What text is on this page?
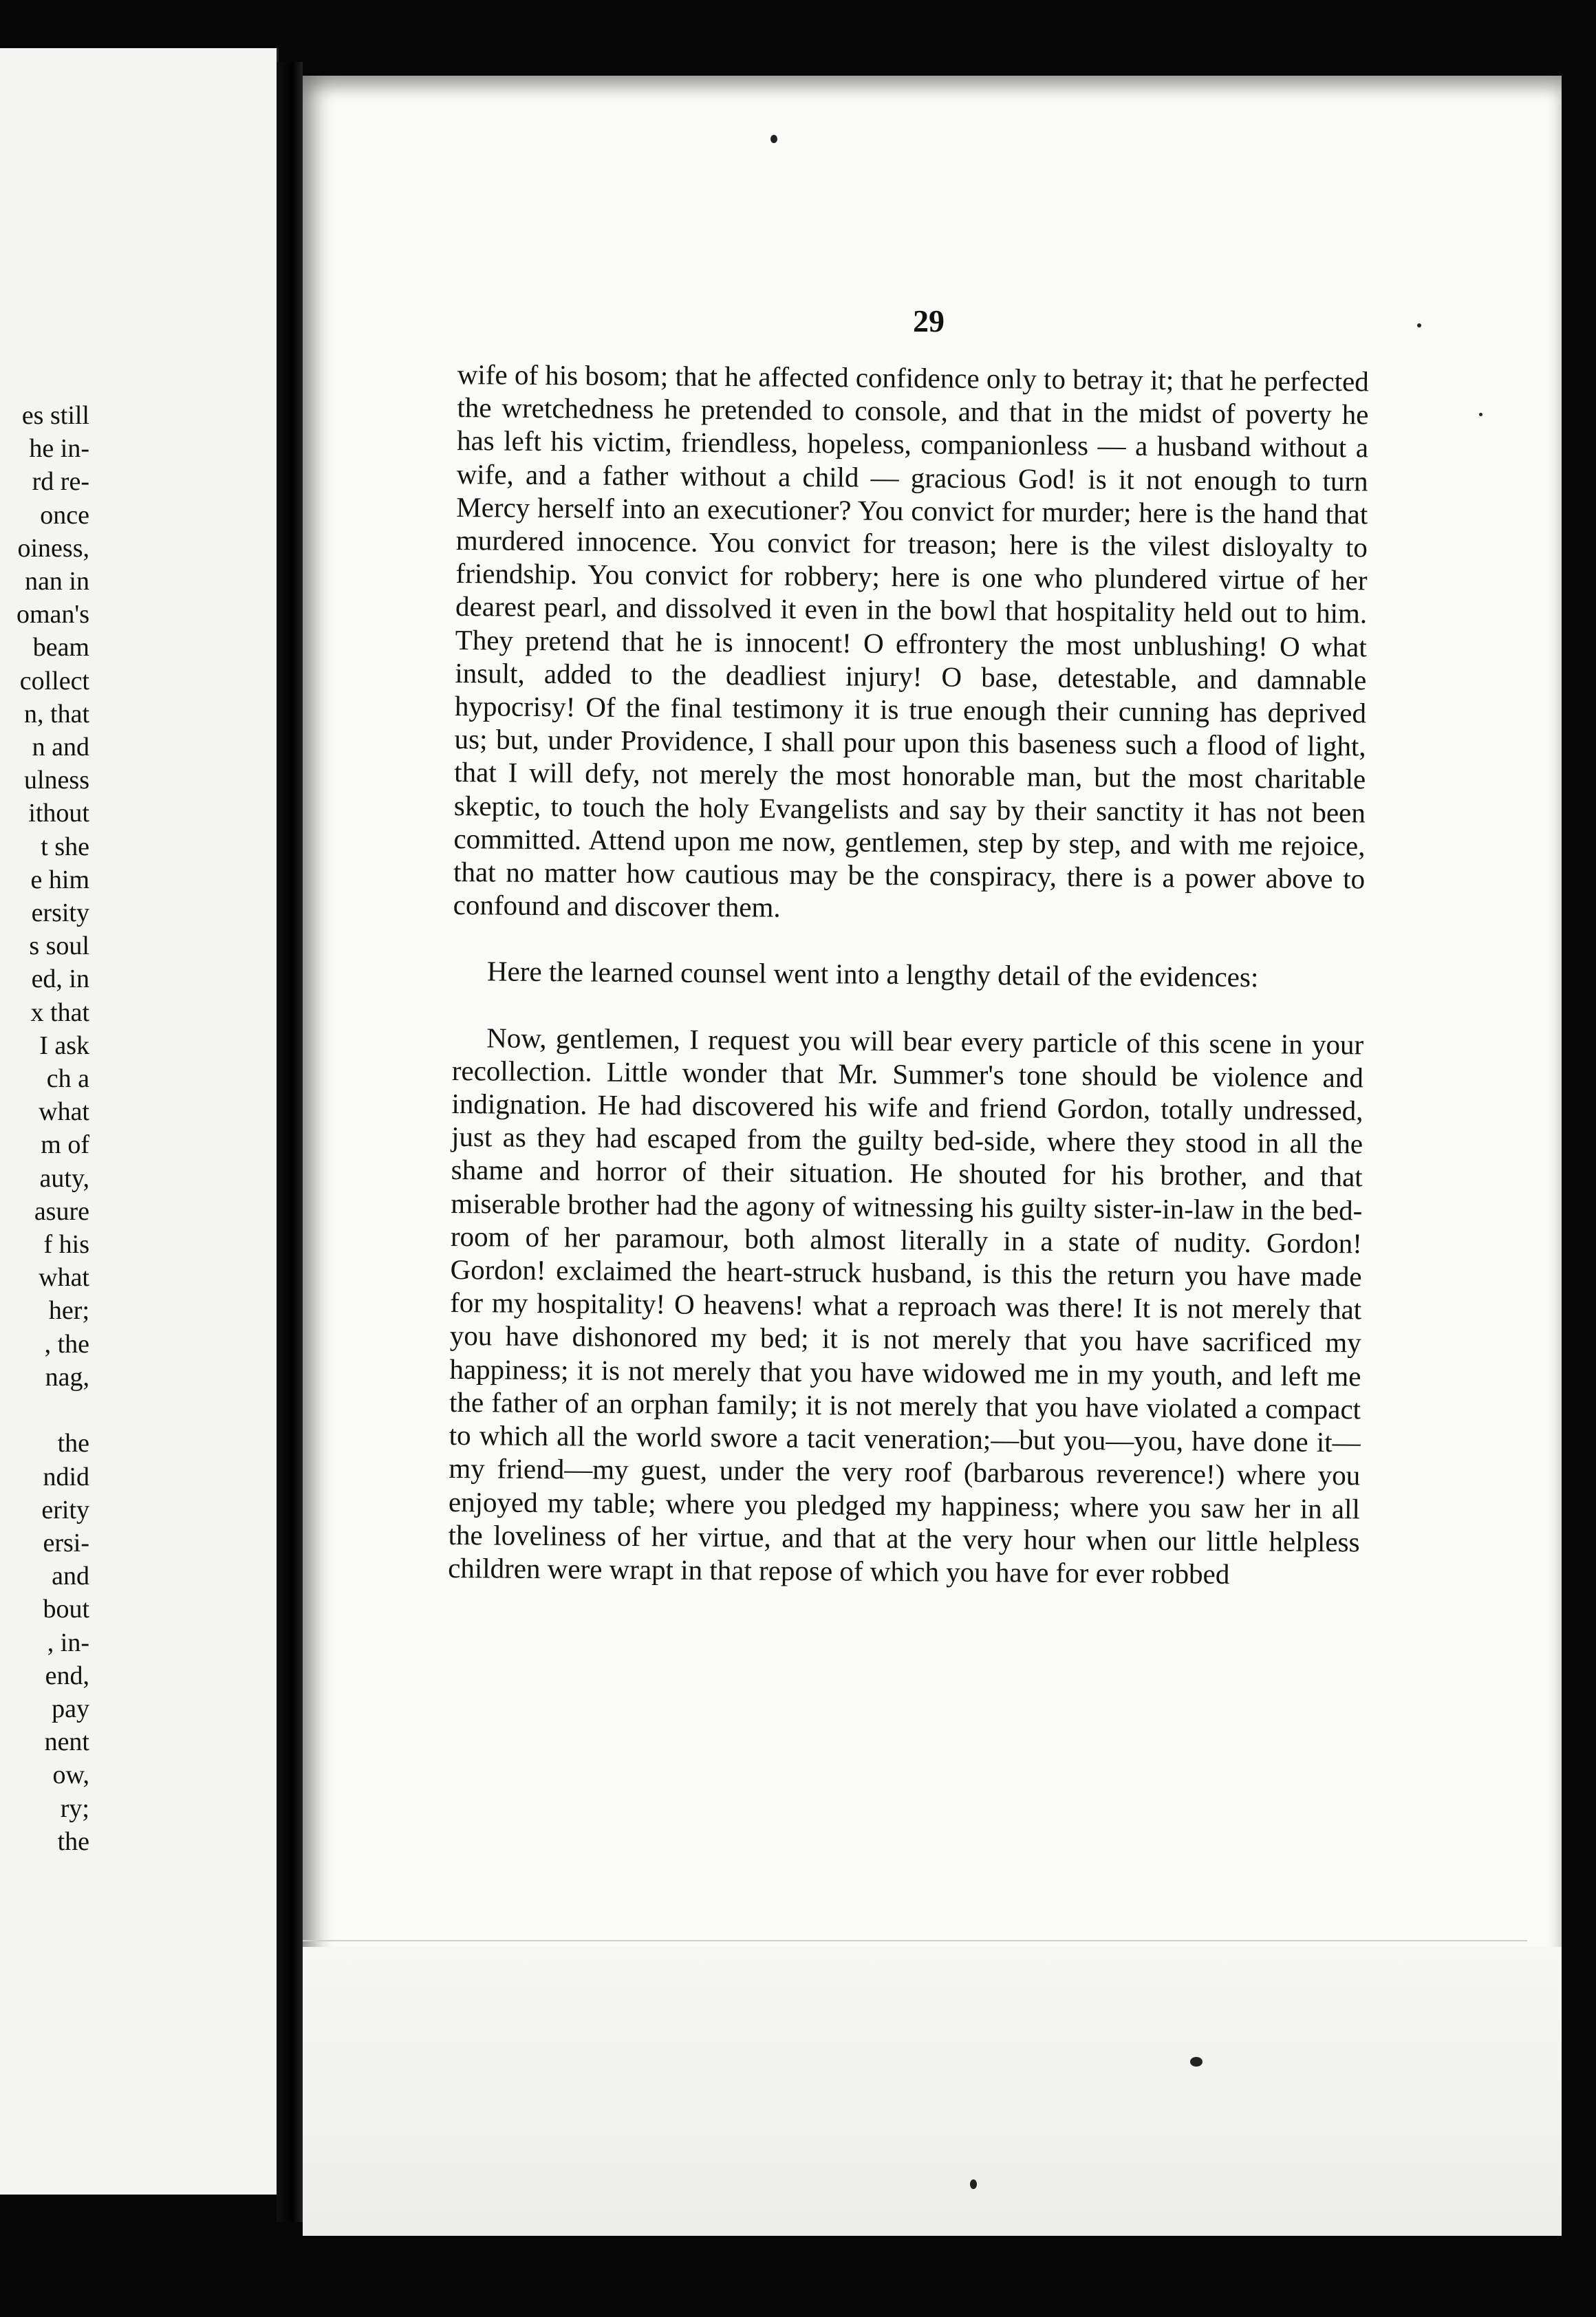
es still
he in-
rd re-
once
oiness,
nan in
oman's
beam
collect
n, that
n and
ulness
ithout
t she
e him
ersity
s soul
ed, in
x that
I ask
ch a
what
m of
auty,
asure
f his
what
her;
, the
nag,

the
ndid
erity
ersi-
and
bout
, in-
end,
pay
nent
ow,
ry;
the
29

wife of his bosom; that he affected confidence only to betray it; that he perfected the wretchedness he pretended to console, and that in the midst of poverty he has left his victim, friendless, hopeless, companionless — a husband without a wife, and a father without a child — gracious God! is it not enough to turn Mercy herself into an executioner? You convict for murder; here is the hand that murdered innocence. You convict for treason; here is the vilest disloyalty to friendship. You convict for robbery; here is one who plundered virtue of her dearest pearl, and dissolved it even in the bowl that hospitality held out to him. They pretend that he is innocent! O effrontery the most unblushing! O what insult, added to the deadliest injury! O base, detestable, and damnable hypocrisy! Of the final testimony it is true enough their cunning has deprived us; but, under Providence, I shall pour upon this baseness such a flood of light, that I will defy, not merely the most honorable man, but the most charitable skeptic, to touch the holy Evangelists and say by their sanctity it has not been committed. Attend upon me now, gentlemen, step by step, and with me rejoice, that no matter how cautious may be the conspiracy, there is a power above to confound and discover them.

Here the learned counsel went into a lengthy detail of the evidences:

Now, gentlemen, I request you will bear every particle of this scene in your recollection. Little wonder that Mr. Summer's tone should be violence and indignation. He had discovered his wife and friend Gordon, totally undressed, just as they had escaped from the guilty bed-side, where they stood in all the shame and horror of their situation. He shouted for his brother, and that miserable brother had the agony of witnessing his guilty sister-in-law in the bed-room of her paramour, both almost literally in a state of nudity. Gordon! Gordon! exclaimed the heart-struck husband, is this the return you have made for my hospitality! O heavens! what a reproach was there! It is not merely that you have dishonored my bed; it is not merely that you have sacrificed my happiness; it is not merely that you have widowed me in my youth, and left me the father of an orphan family; it is not merely that you have violated a compact to which all the world swore a tacit veneration;—but you—you, have done it—my friend—my guest, under the very roof (barbarous reverence!) where you enjoyed my table; where you pledged my happiness; where you saw her in all the loveliness of her virtue, and that at the very hour when our little helpless children were wrapt in that repose of which you have for ever robbed
